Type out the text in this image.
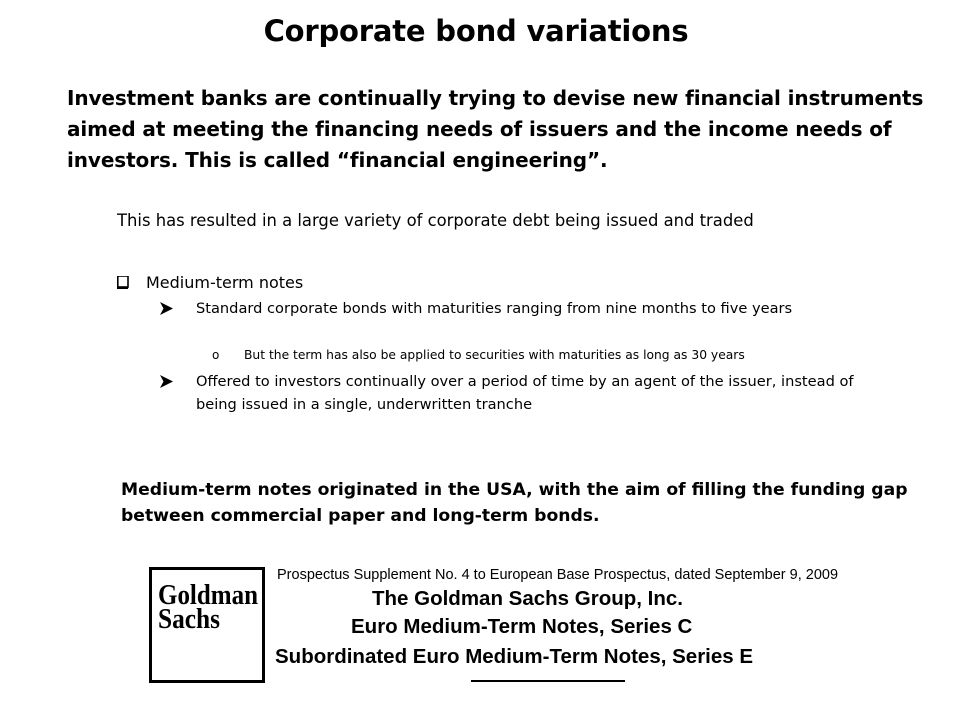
Corporate bond variations
Investment banks are continually trying to devise new financial instruments aimed at meeting the financing needs of issuers and the income needs of investors. This is called “financial engineering”.
This has resulted in a large variety of corporate debt being issued and traded
Medium-term notes
Standard corporate bonds with maturities ranging from nine months to five years
o But the term has also be applied to securities with maturities as long as 30 years
Offered to investors continually over a period of time by an agent of the issuer, instead of being issued in a single, underwritten tranche
Medium-term notes originated in the USA, with the aim of filling the funding gap between commercial paper and long-term bonds.
Goldman
Sachs
Prospectus Supplement No. 4 to European Base Prospectus, dated September 9, 2009
The Goldman Sachs Group, Inc.
Euro Medium-Term Notes, Series C
Subordinated Euro Medium-Term Notes, Series E
